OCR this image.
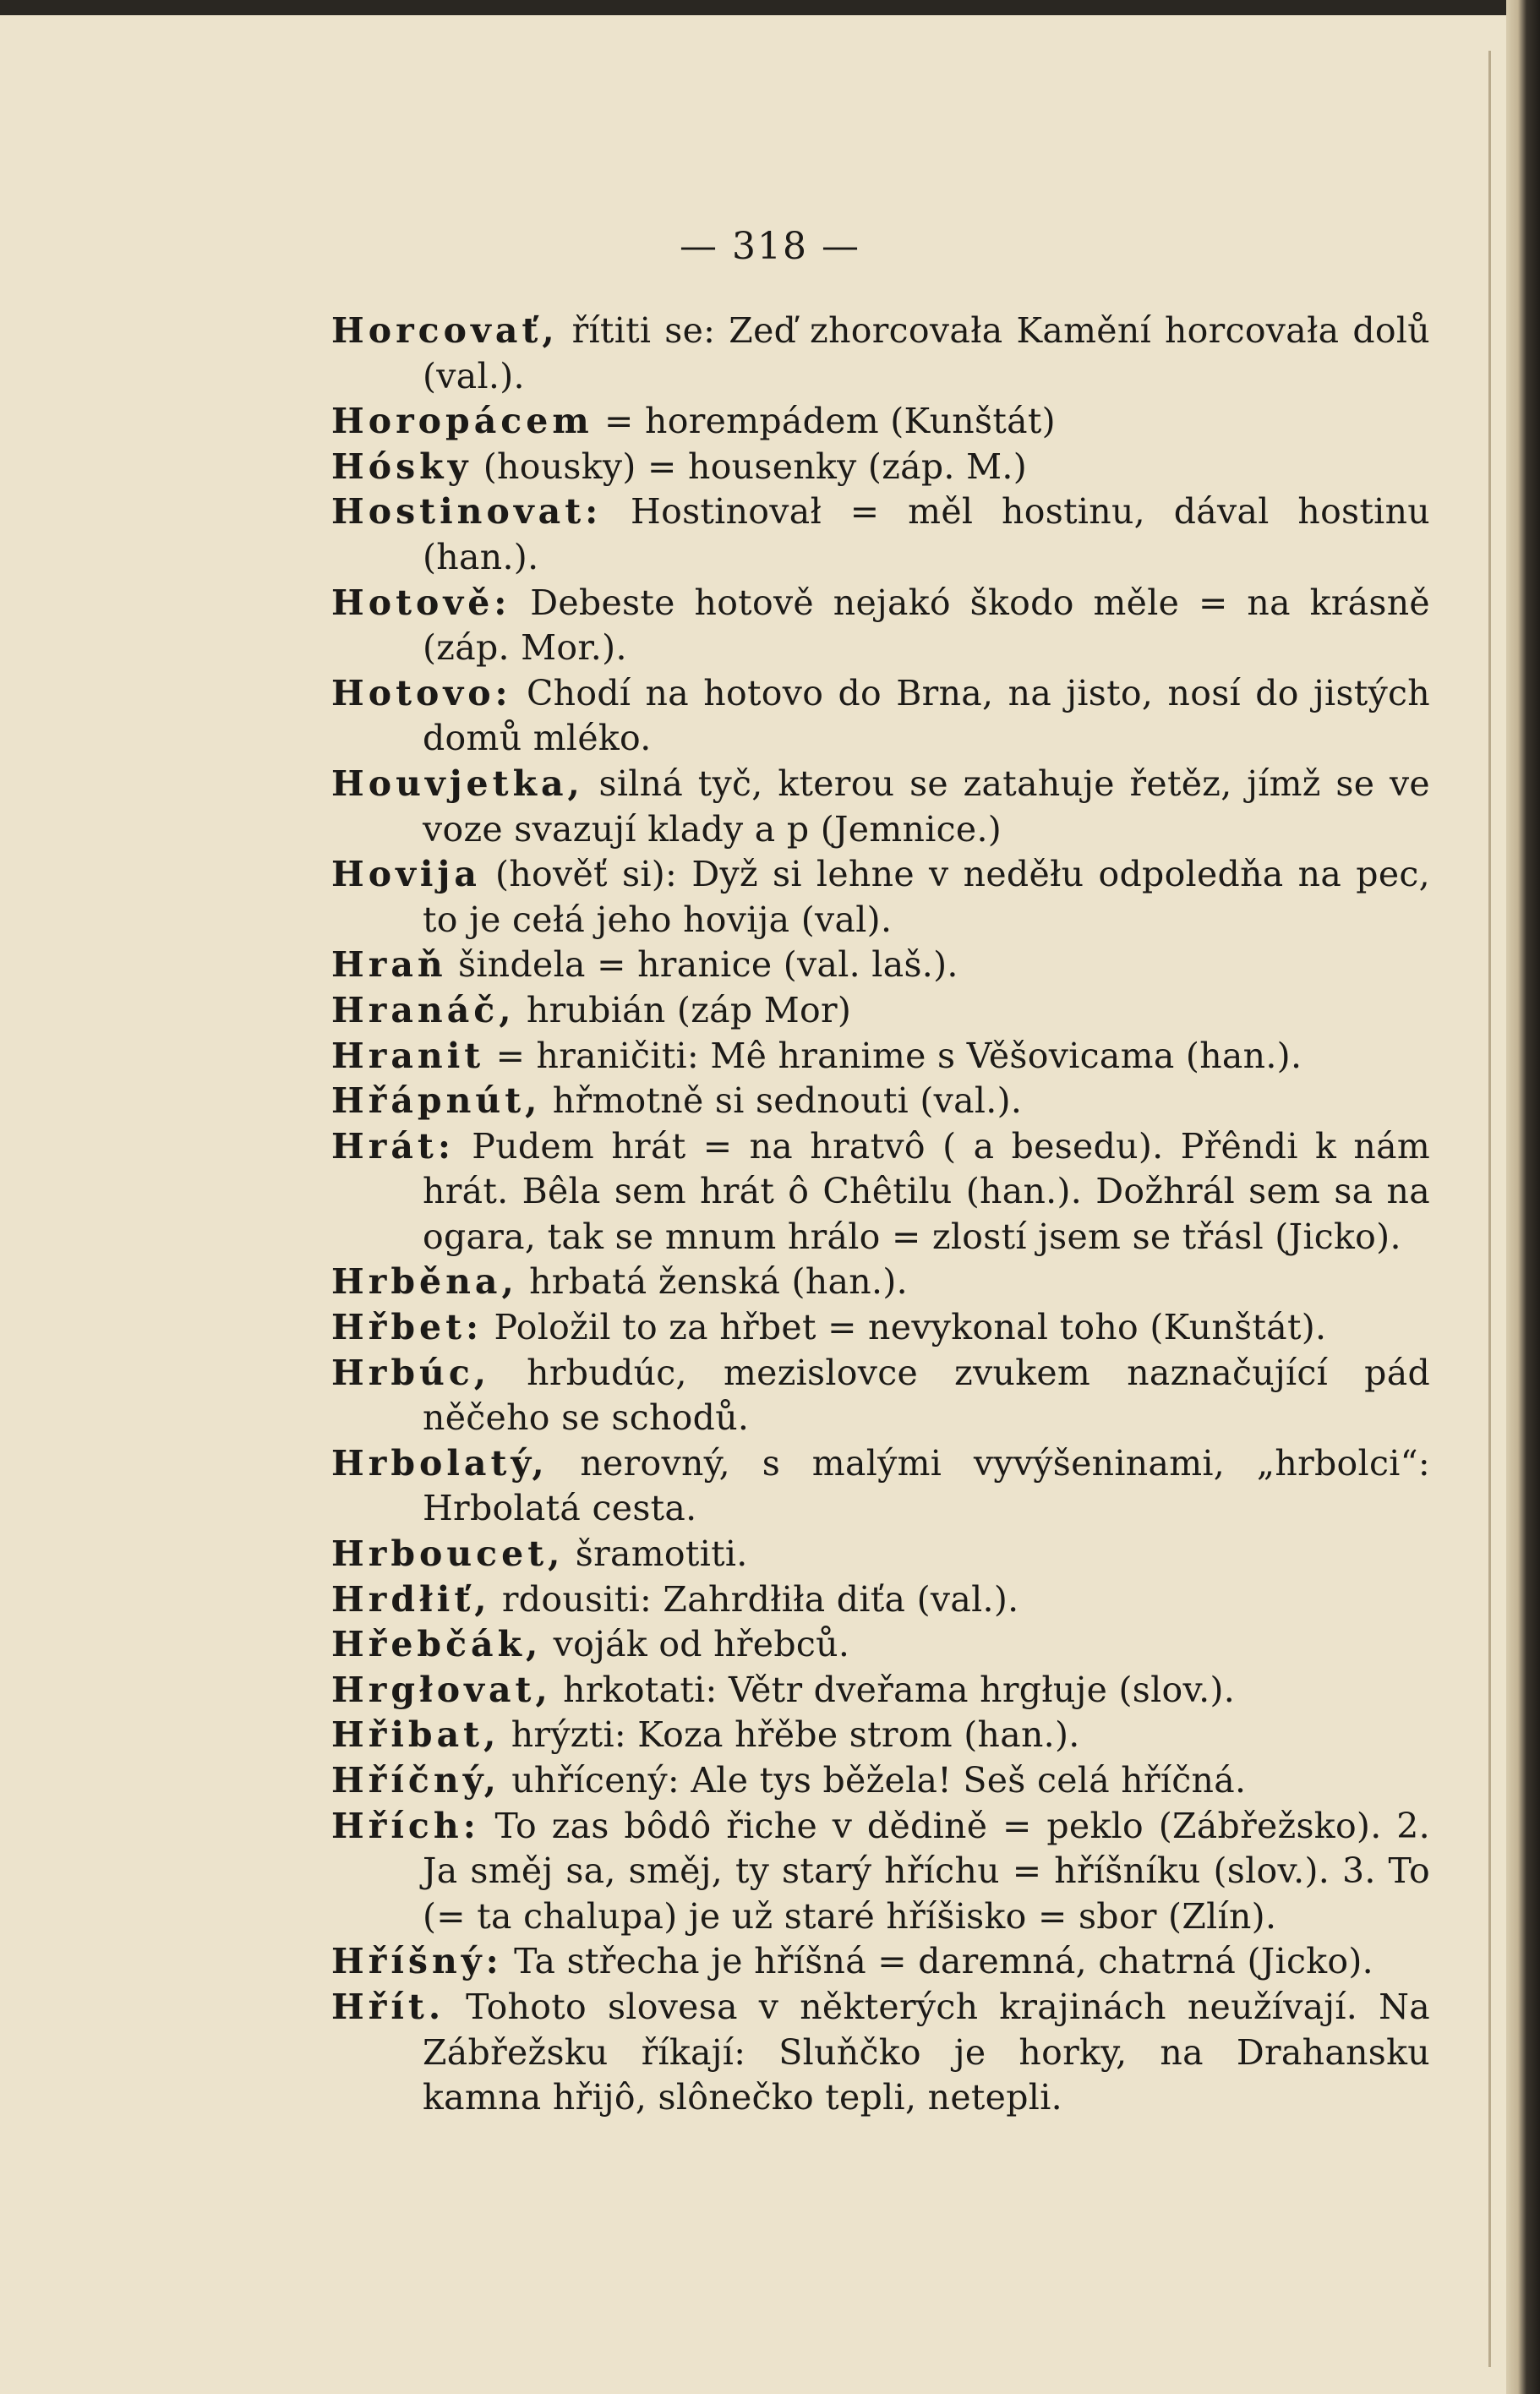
— 318 —

Horcovať, řítiti se: Zeď zhorcovała Kamění horcovała dolů (val.).

Horopácem = horempádem (Kunštát)

Hósky (housky) = housenky (záp. M.)

Hostinovat: Hostinovał = měl hostinu, dával hostinu (han.).

Hotově: Debeste hotově nejakó škodo měle = na krásně (záp. Mor.).

Hotovo: Chodí na hotovo do Brna, na jisto, nosí do jistých domů mléko.

Houvjetka, silná tyč, kterou se zatahuje řetěz, jímž se ve voze svazují klady a p (Jemnice.)

Hovija (hověť si): Dyž si lehne v neděłu odpoledňa na pec, to je cełá jeho hovija (val).

Hraň šindela = hranice (val. laš.).

Hranáč, hrubián (záp Mor)

Hranit = hraničiti: Mê hranime s Věšovicama (han.).

Hřápnút, hřmotně si sednouti (val.).

Hrát: Pudem hrát = na hratvô ( a besedu). Přêndi k nám hrát. Bêla sem hrát ô Chêtilu (han.). Dožhrál sem sa na ogara, tak se mnum hrálo = zlostí jsem se třásl (Jicko).

Hrběna, hrbatá ženská (han.).

Hřbet: Položil to za hřbet = nevykonal toho (Kunštát).

Hrbúc, hrbudúc, mezislovce zvukem naznačující pád něčeho se schodů.

Hrbolatý, nerovný, s malými vyvýšeninami, „hrbolci“: Hrbolatá cesta.

Hrboucet, šramotiti.

Hrdłiť, rdousiti: Zahrdłiła diťa (val.).

Hřebčák, voják od hřebců.

Hrgłovat, hrkotati: Větr dveřama hrgłuje (slov.).

Hřibat, hrýzti: Koza hřěbe strom (han.).

Hříčný, uhřícený: Ale tys běžela! Seš celá hříčná.

Hřích: To zas bôdô řiche v dědině = peklo (Zábřežsko). 2. Ja směj sa, směj, ty starý hříchu = hříšníku (slov.). 3. To (= ta chalupa) je už staré hříšisko = sbor (Zlín).

Hříšný: Ta střecha je hříšná = daremná, chatrná (Jicko).

Hřít. Tohoto slovesa v některých krajinách neužívají. Na Zábřežsku říkají: Sluňčko je horky, na Drahansku kamna hřijô, slônečko tepli, netepli.
